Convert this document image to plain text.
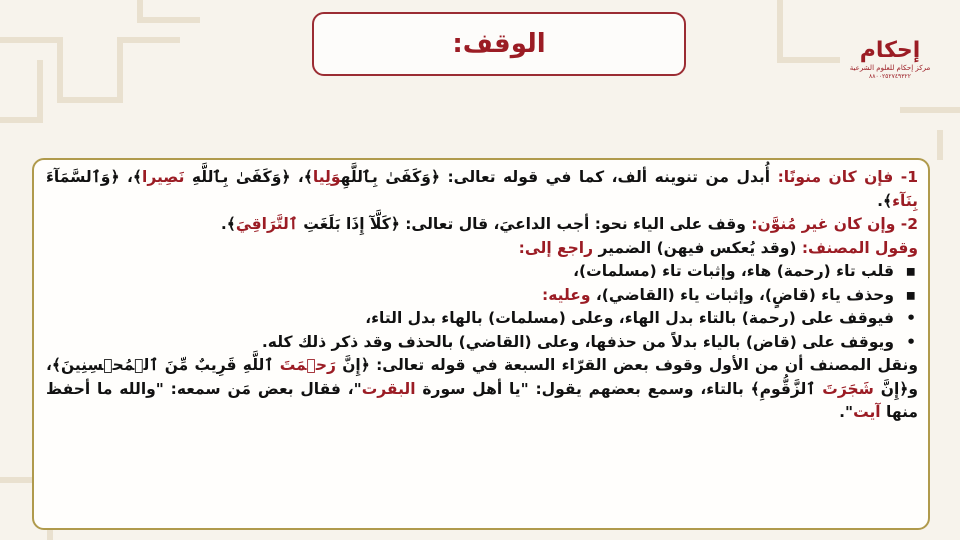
الوقف:	إحكام
مركز إحكام للعلوم الشرعية
٨٨٠٠٢٥٢٧٤٩٣٢٢

1- فإن كان منونًا: أُبدل من تنوينه ألف، كما في قوله تعالى: ﴿وَكَفَىٰ بِٱللَّهِوَلِيا﴾، ﴿وَكَفَىٰ بِٱللَّهِ نَصِيرا﴾، ﴿وَٱلسَّمَآءَ بِنَآء﴾.

2- وإن كان غير مُنوَّن: وقف على الياء نحو: أجب الداعيَ، قال تعالى: ﴿كَلَّآ إِذَا بَلَغَتِ ٱلتَّرَاقِيَ﴾.

وقول المصنف: (وقد يُعكس فيهن) الضمير راجع إلى:

▪
قلب تاء (رحمة) هاء، وإثبات تاء (مسلمات)،
▪
وحذف ياء (قاضٍ)، وإثبات ياء (القاضي)، وعليه:
•
فيوقف على (رحمة) بالتاء بدل الهاء، وعلى (مسلمات) بالهاء بدل التاء،
•
ويوقف على (قاض) بالياء بدلاً من حذفها، وعلى (القاضي) بالحذف وقد ذكر ذلك كله.

ونقل المصنف أن من الأول وقوف بعض القرّاء السبعة في قوله تعالى: ﴿إِنَّ رَحۡمَتَ ٱللَّهِ قَرِيبٌ مِّنَ ٱلۡمُحۡسِنِينَ﴾، و﴿إِنَّ شَجَرَتَ ٱلزَّقُّومِ﴾ بالتاء، وسمع بعضهم يقول: "يا أهل سورة البقرت"، فقال بعض مَن سمعه: "والله ما أحفظ منها آيت".
